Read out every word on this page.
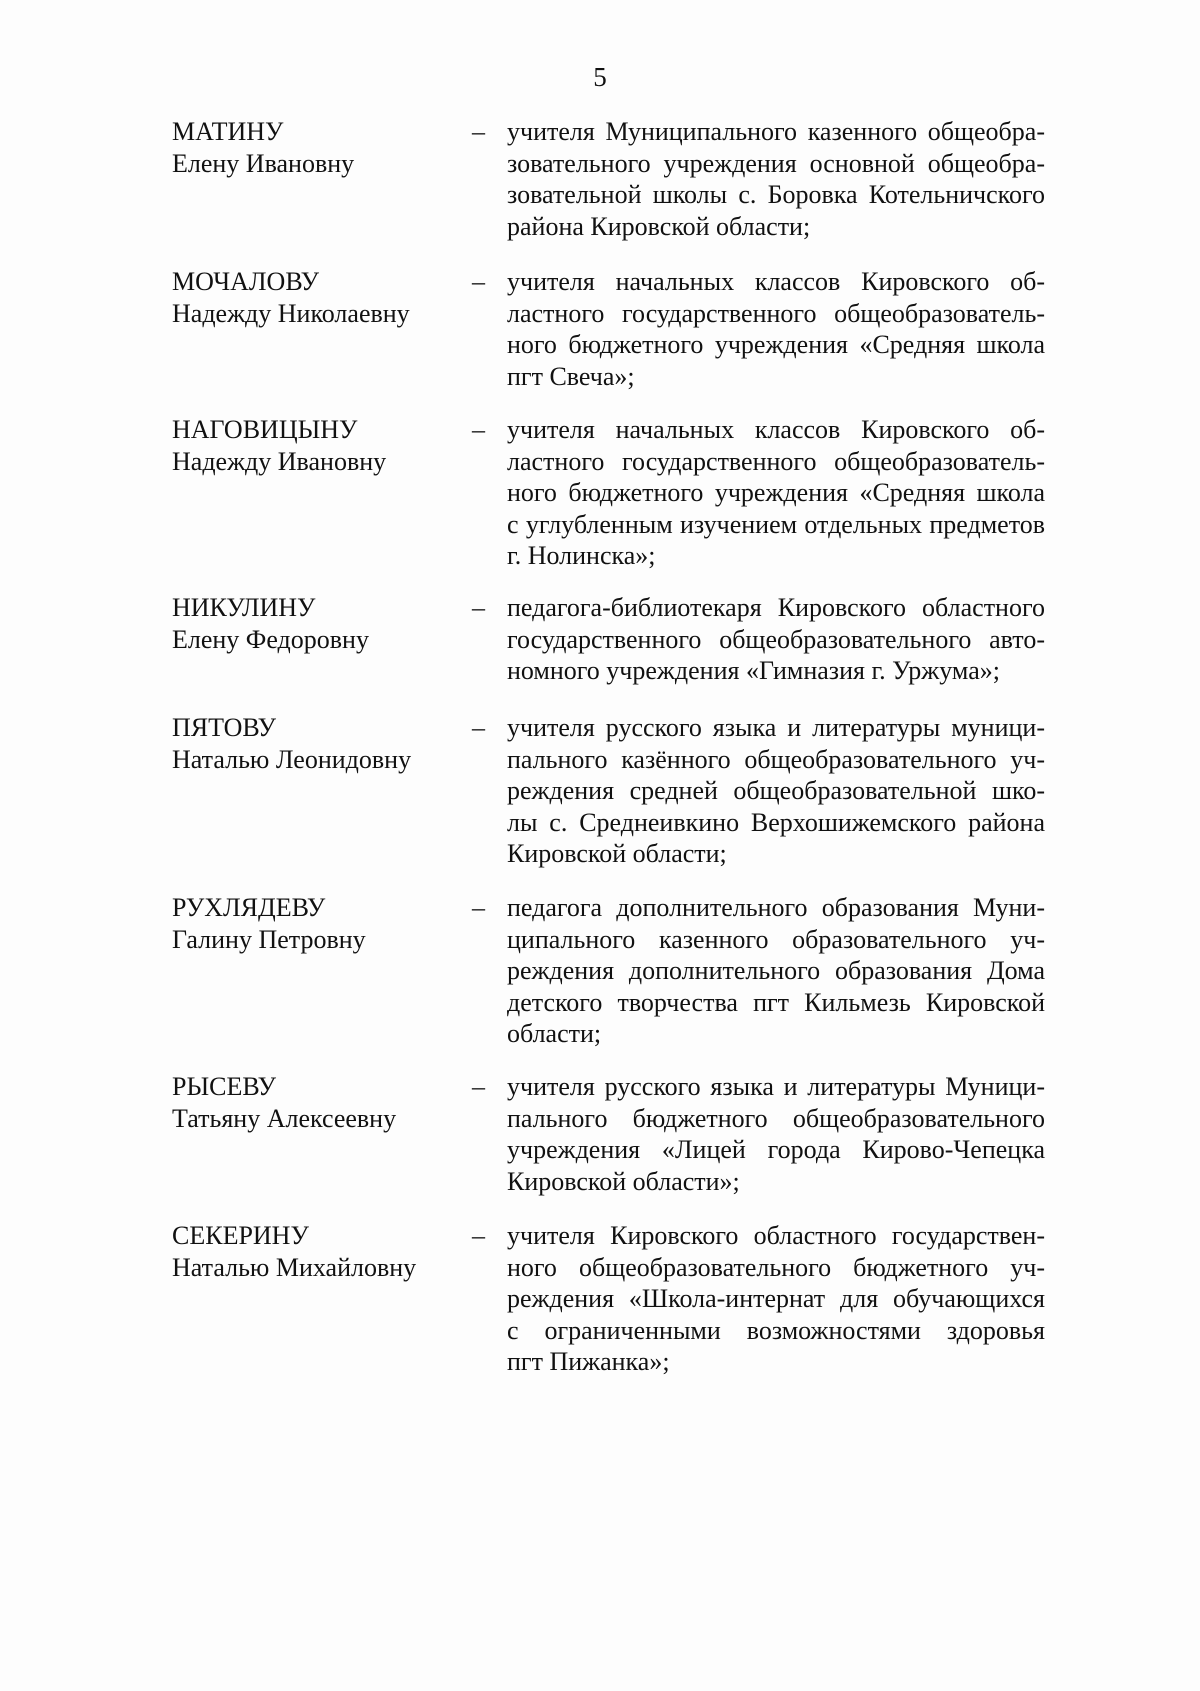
5
МАТИНУ
Елену Ивановну
– учителя Муниципального казенного общеобра-
зовательного учреждения основной общеобра-
зовательной школы с. Боровка Котельничского
района Кировской области;
МОЧАЛОВУ
Надежду Николаевну
– учителя начальных классов Кировского об-
ластного государственного общеобразователь-
ного бюджетного учреждения «Средняя школа
пгт Свеча»;
НАГОВИЦЫНУ
Надежду Ивановну
– учителя начальных классов Кировского об-
ластного государственного общеобразователь-
ного бюджетного учреждения «Средняя школа
с углубленным изучением отдельных предметов
г. Нолинска»;
НИКУЛИНУ
Елену Федоровну
– педагога-библиотекаря Кировского областного
государственного общеобразовательного авто-
номного учреждения «Гимназия г. Уржума»;
ПЯТОВУ
Наталью Леонидовну
– учителя русского языка и литературы муници-
пального казённого общеобразовательного уч-
реждения средней общеобразовательной шко-
лы с. Среднеивкино Верхошижемского района
Кировской области;
РУХЛЯДЕВУ
Галину Петровну
– педагога дополнительного образования Муни-
ципального казенного образовательного уч-
реждения дополнительного образования Дома
детского творчества пгт Кильмезь Кировской
области;
РЫСЕВУ
Татьяну Алексеевну
– учителя русского языка и литературы Муници-
пального бюджетного общеобразовательного
учреждения «Лицей города Кирово-Чепецка
Кировской области»;
СЕКЕРИНУ
Наталью Михайловну
– учителя Кировского областного государствен-
ного общеобразовательного бюджетного уч-
реждения «Школа-интернат для обучающихся
с ограниченными возможностями здоровья
пгт Пижанка»;
